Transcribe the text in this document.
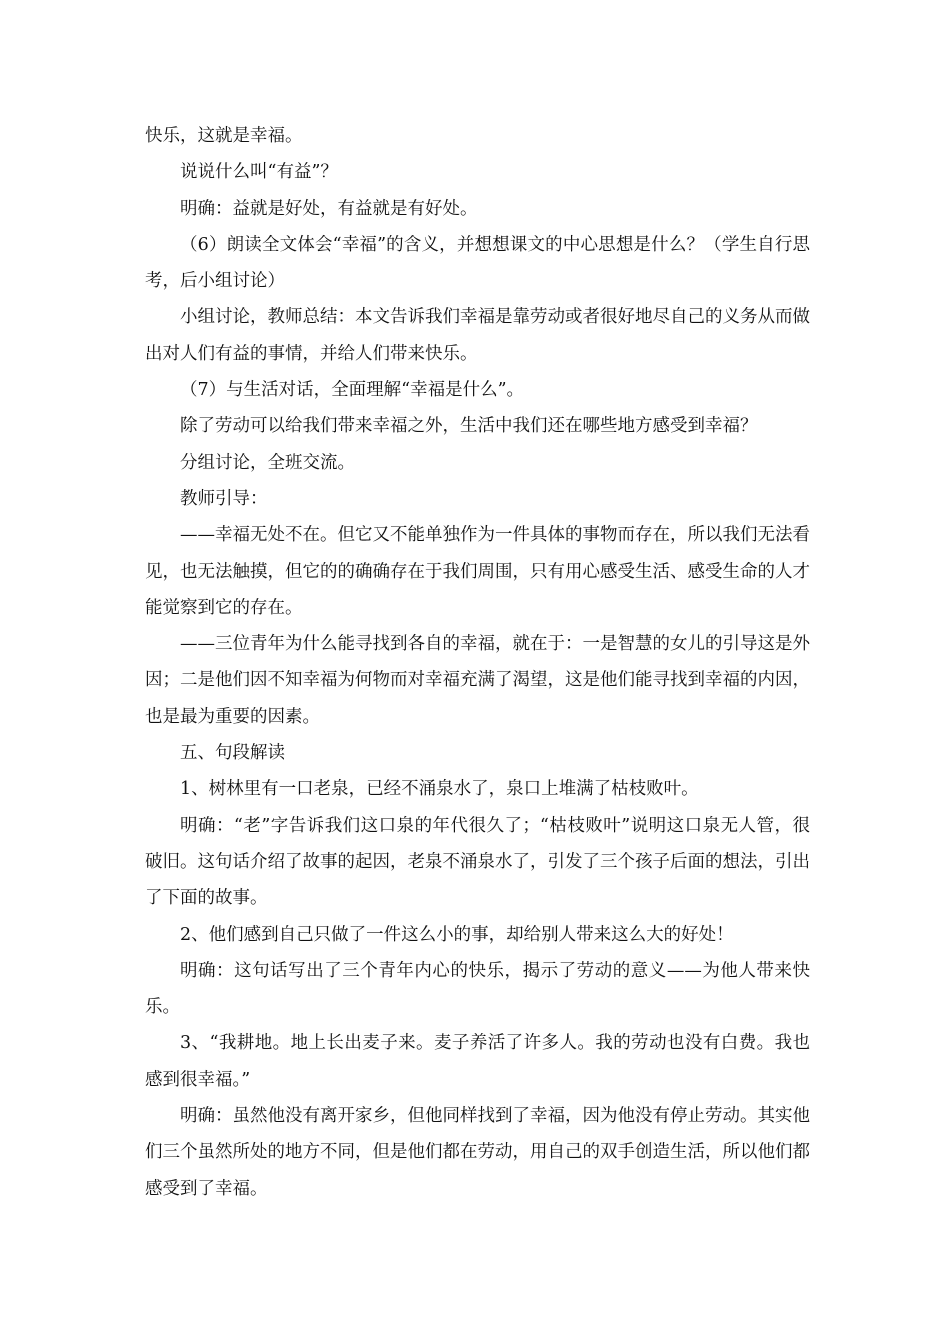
快乐，这就是幸福。

说说什么叫“有益”？

明确：益就是好处，有益就是有好处。

（6）朗读全文体会“幸福”的含义，并想想课文的中心思想是什么？（学生自行思考，后小组讨论）

小组讨论，教师总结：本文告诉我们幸福是靠劳动或者很好地尽自己的义务从而做出对人们有益的事情，并给人们带来快乐。

（7）与生活对话，全面理解“幸福是什么”。

除了劳动可以给我们带来幸福之外，生活中我们还在哪些地方感受到幸福？

分组讨论，全班交流。

教师引导：

——幸福无处不在。但它又不能单独作为一件具体的事物而存在，所以我们无法看见，也无法触摸，但它的的确确存在于我们周围，只有用心感受生活、感受生命的人才能觉察到它的存在。

——三位青年为什么能寻找到各自的幸福，就在于：一是智慧的女儿的引导这是外因；二是他们因不知幸福为何物而对幸福充满了渴望，这是他们能寻找到幸福的内因，也是最为重要的因素。

五、句段解读

1、树林里有一口老泉，已经不涌泉水了，泉口上堆满了枯枝败叶。

明确：“老”字告诉我们这口泉的年代很久了；“枯枝败叶”说明这口泉无人管，很破旧。这句话介绍了故事的起因，老泉不涌泉水了，引发了三个孩子后面的想法，引出了下面的故事。

2、他们感到自己只做了一件这么小的事，却给别人带来这么大的好处！

明确：这句话写出了三个青年内心的快乐，揭示了劳动的意义——为他人带来快乐。

3、“我耕地。地上长出麦子来。麦子养活了许多人。我的劳动也没有白费。我也感到很幸福。”

明确：虽然他没有离开家乡，但他同样找到了幸福，因为他没有停止劳动。其实他们三个虽然所处的地方不同，但是他们都在劳动，用自己的双手创造生活，所以他们都感受到了幸福。
